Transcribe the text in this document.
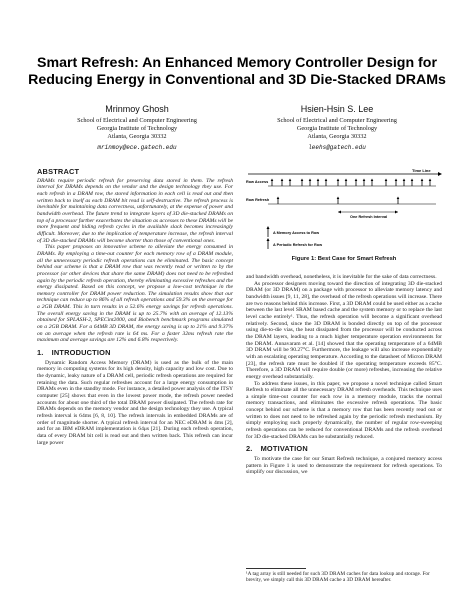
Smart Refresh: An Enhanced Memory Controller Design for Reducing Energy in Conventional and 3D Die-Stacked DRAMs
Mrinmoy Ghosh
School of Electrical and Computer Engineering
Georgia Institute of Technology
Atlanta, Georgia 30332
mrinmoy@ece.gatech.edu
Hsien-Hsin S. Lee
School of Electrical and Computer Engineering
Georgia Institute of Technology
Atlanta, Georgia 30332
leehs@gatech.edu
ABSTRACT

DRAMs require periodic refresh for preserving data stored in them. The refresh interval for DRAMs depends on the vendor and the design technology they use. For each refresh in a DRAM row, the stored information in each cell is read out and then written back to itself as each DRAM bit read is self-destructive. The refresh process is inevitable for maintaining data correctness, unfortunately, at the expense of power and bandwidth overhead. The future trend to integrate layers of 3D die-stacked DRAMs on top of a processor further exacerbates the situation as accesses to these DRAMs will be more frequent and hiding refresh cycles in the available slack becomes increasingly difficult. Moreover, due to the implication of temperature increase, the refresh interval of 3D die-stacked DRAMs will become shorter than those of conventional ones.

This paper proposes an innovative scheme to alleviate the energy consumed in DRAMs. By employing a time-out counter for each memory row of a DRAM module, all the unnecessary periodic refresh operations can be eliminated. The basic concept behind our scheme is that a DRAM row that was recently read or written to by the processor (or other devices that share the same DRAM) does not need to be refreshed again by the periodic refresh operation, thereby eliminating excessive refreshes and the energy dissipated. Based on this concept, we propose a low-cost technique in the memory controller for DRAM power reduction. The simulation results show that our technique can reduce up to 86% of all refresh operations and 59.3% on the average for a 2GB DRAM. This in turn results in a 52.6% energy savings for refresh operations. The overall energy saving in the DRAM is up to 25.7% with an average of 12.13% obtained for SPLASH-2, SPECint2000, and Biobench benchmark programs simulated on a 2GB DRAM. For a 64MB 3D DRAM, the energy saving is up to 21% and 9.37% on an average when the refresh rate is 64 ms. For a faster 32ms refresh rate the maximum and average savings are 12% and 6.8% respectively.

1. INTRODUCTION

Dynamic Random Access Memory (DRAM) is used as the bulk of the main memory in computing systems for its high density, high capacity and low cost. Due to the dynamic, leaky nature of a DRAM cell, periodic refresh operations are required for retaining the data. Such regular refreshes account for a large energy consumption in DRAMs even in the standby mode. For instance, a detailed power analysis of the ITSY computer [25] shows that even in the lowest power mode, the refresh power needed accounts for about one third of the total DRAM power dissipated. The refresh rate for DRAMs depends on the memory vendor and the design technology they use. A typical refresh interval is 64ms [6, 8, 10]. The refresh intervals in embedded DRAMs are of order of magnitude shorter. A typical refresh interval for an NEC eDRAM is 4ms [2], and for an IBM eDRAM implementation is 64μs [21]. During each refresh operation, data of every DRAM bit cell is read out and then written back. This refresh can incur large power

Time Line
Row Access
Row Refresh
One Refresh Interval
A Memory Access to Row
A Periodic Refresh for Row
Figure 1: Best Case for Smart Refresh

and bandwidth overhead, nonetheless, it is inevitable for the sake of data correctness.

As processor designers moving toward the direction of integrating 3D die-stacked DRAM (or 3D DRAM) on a package with processor to alleviate memory latency and bandwidth issues [9, 11, 28], the overhead of the refresh operations will increase. There are two reasons behind this increase. First, a 3D DRAM could be used either as a cache between the last level SRAM based cache and the system memory or to replace the last level cache entirely¹. Thus, the refresh operation will become a significant overhead relatively. Second, since the 3D DRAM is bonded directly on top of the processor using die-to-die vias, the heat dissipated from the processor will be conducted across the DRAM layers, leading to a much higher temperature operation environments for the DRAM. Annavaram et al. [14] showed that the operating temperature of a 64MB 3D DRAM will be 90.27°C. Furthermore, the leakage will also increase exponentially with an escalating operating temperature. According to the datasheet of Micron DRAM [23], the refresh rate must be doubled if the operating temperature exceeds 85°C. Therefore, a 3D DRAM will require double (or more) refreshes, increasing the relative energy overhead substantially.

To address these issues, in this paper, we propose a novel technique called Smart Refresh to eliminate all the unnecessary DRAM refresh overheads. This technique uses a simple time-out counter for each row in a memory module, tracks the normal memory transactions, and eliminates the excessive refresh operations. The basic concept behind our scheme is that a memory row that has been recently read out or written to does not need to be refreshed again by the periodic refresh mechanism. By simply employing such properly dynamically, the number of regular row-sweeping refresh operations can be reduced for conventional DRAMs and the refresh overhead for 3D die-stacked DRAMs can be substantially reduced.

2. MOTIVATION

To motivate the case for our Smart Refresh technique, a conjured memory access pattern in Figure 1 is used to demonstrate the requirement for refresh operations. To simplify our discussion, we

¹A tag array is still needed for such 3D DRAM caches for data lookup and storage. For brevity, we simply call this 3D DRAM cache a 3D DRAM hereafter.
